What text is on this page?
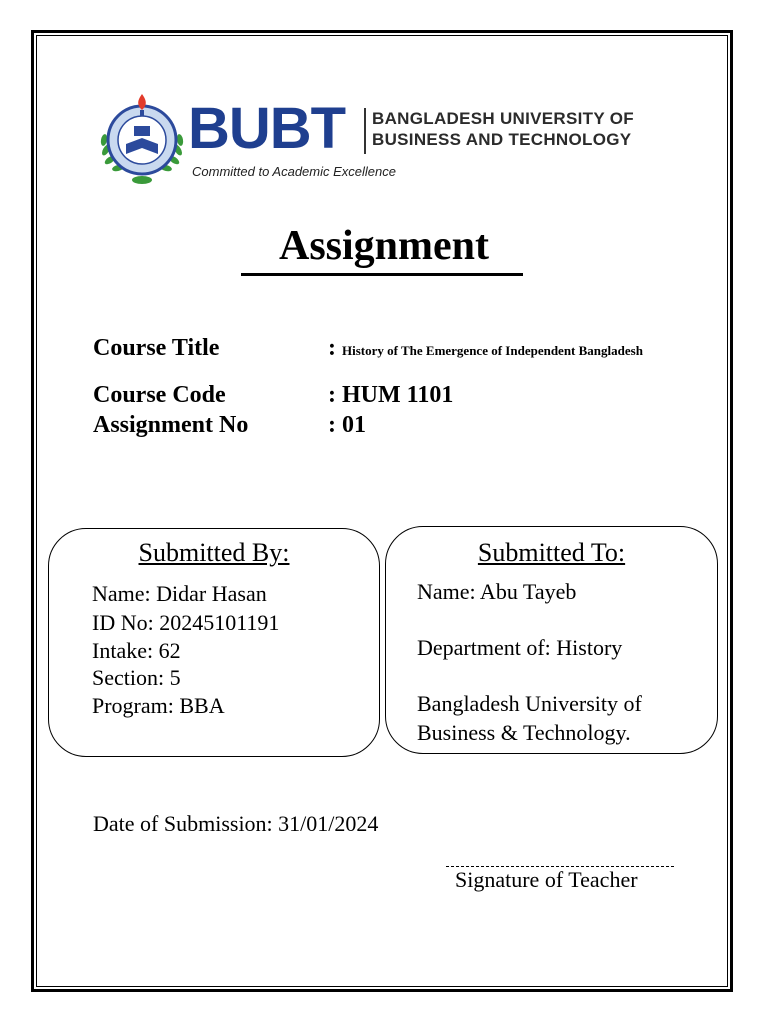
BUBT BANGLADESH UNIVERSITY OF
BUSINESS AND TECHNOLOGY
Committed to Academic Excellence
Assignment
Course Title	: History of The Emergence of Independent Bangladesh
Course Code	: HUM 1101
Assignment No	: 01
Submitted By:
Name: Didar Hasan
ID No: 20245101191
Intake: 62
Section: 5
Program: BBA
Submitted To:
Name: Abu Tayeb
Department of: History
Bangladesh University of
Business & Technology.
Date of Submission: 31/01/2024
Signature of Teacher
